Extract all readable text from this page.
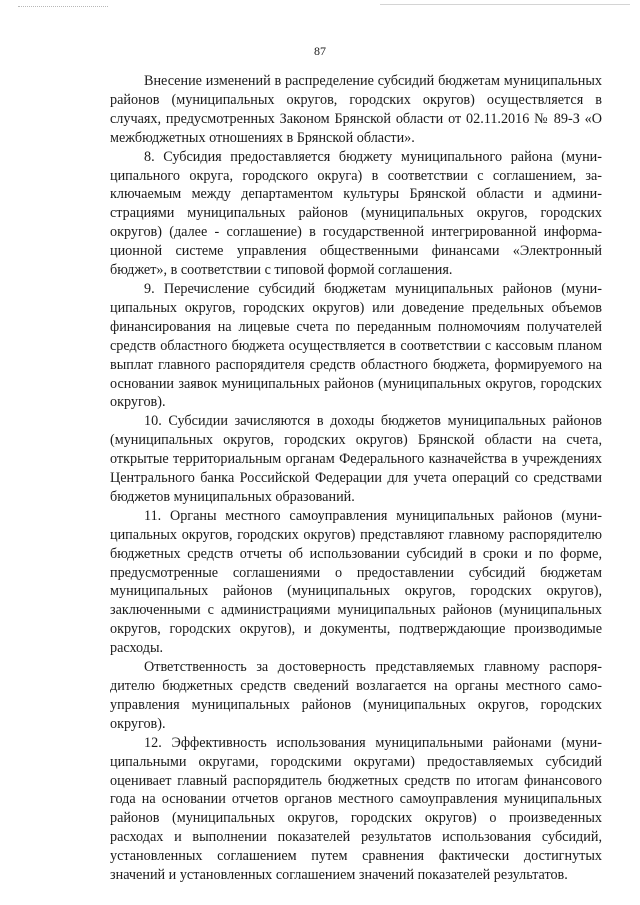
87

Внесение изменений в распределение субсидий бюджетам муниципальных районов (муниципальных округов, городских округов) осуществляется в случаях, предусмотренных Законом Брянской области от 02.11.2016 № 89-З «О межбюджетных отношениях в Брянской области».

8. Субсидия предоставляется бюджету муниципального района (муниципального округа, городского округа) в соответствии с соглашением, заключаемым между департаментом культуры Брянской области и администрациями муниципальных районов (муниципальных округов, городских округов) (далее - соглашение) в государственной интегрированной информационной системе управления общественными финансами «Электронный бюджет», в соответствии с типовой формой соглашения.

9. Перечисление субсидий бюджетам муниципальных районов (муниципальных округов, городских округов) или доведение предельных объемов финансирования на лицевые счета по переданным полномочиям получателей средств областного бюджета осуществляется в соответствии с кассовым планом выплат главного распорядителя средств областного бюджета, формируемого на основании заявок муниципальных районов (муниципальных округов, городских округов).

10. Субсидии зачисляются в доходы бюджетов муниципальных районов (муниципальных округов, городских округов) Брянской области на счета, открытые территориальным органам Федерального казначейства в учреждениях Центрального банка Российской Федерации для учета операций со средствами бюджетов муниципальных образований.

11. Органы местного самоуправления муниципальных районов (муниципальных округов, городских округов) представляют главному распорядителю бюджетных средств отчеты об использовании субсидий в сроки и по форме, предусмотренные соглашениями о предоставлении субсидий бюджетам муниципальных районов (муниципальных округов, городских округов), заключенными с администрациями муниципальных районов (муниципальных округов, городских округов), и документы, подтверждающие производимые расходы.

Ответственность за достоверность представляемых главному распорядителю бюджетных средств сведений возлагается на органы местного самоуправления муниципальных районов (муниципальных округов, городских округов).

12. Эффективность использования муниципальными районами (муниципальными округами, городскими округами) предоставляемых субсидий оценивает главный распорядитель бюджетных средств по итогам финансового года на основании отчетов органов местного самоуправления муниципальных районов (муниципальных округов, городских округов) о произведенных расходах и выполнении показателей результатов использования субсидий, установленных соглашением путем сравнения фактически достигнутых значений и установленных соглашением значений показателей результатов.
